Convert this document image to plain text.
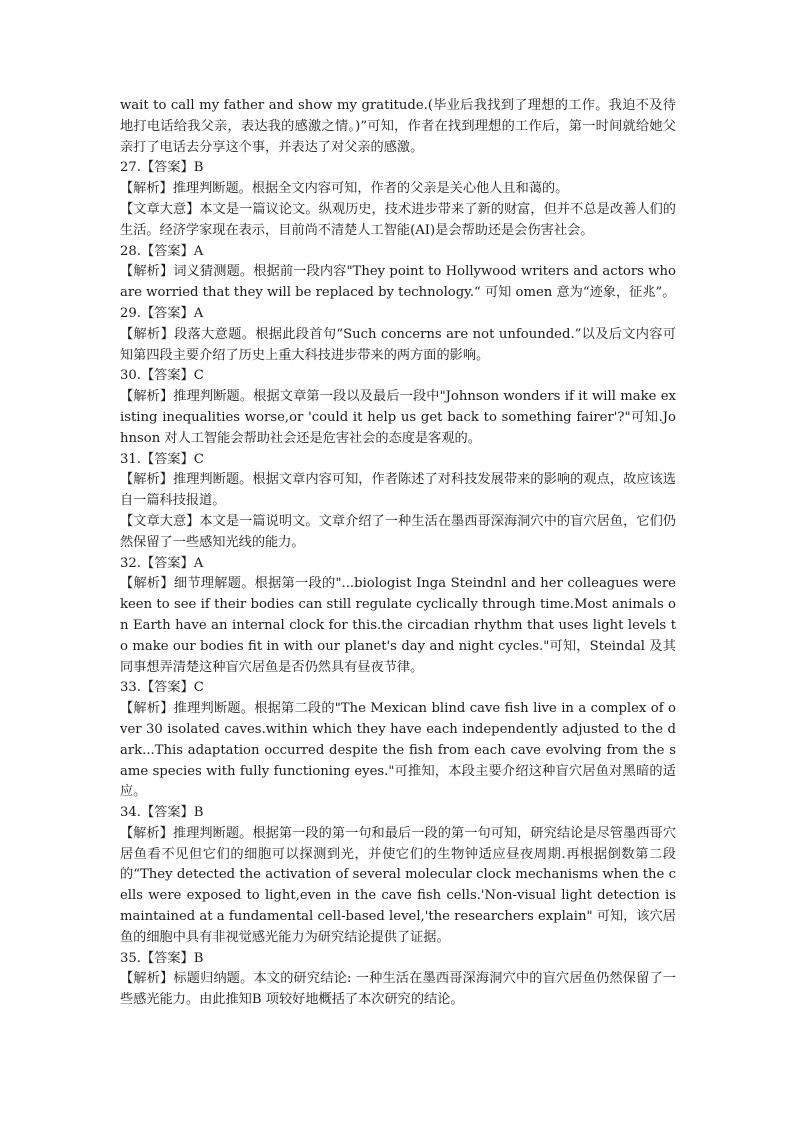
wait to call my father and show my gratitude.(毕业后我找到了理想的工作。我迫不及待地打电话给我父亲，表达我的感激之情。)”可知，作者在找到理想的工作后，第一时间就给她父亲打了电话去分享这个事，并表达了对父亲的感激。

27.【答案】B

【解析】推理判断题。根据全文内容可知，作者的父亲是关心他人且和蔼的。

【文章大意】本文是一篇议论文。纵观历史，技术进步带来了新的财富，但并不总是改善人们的生活。经济学家现在表示，目前尚不清楚人工智能(AI)是会帮助还是会伤害社会。

28.【答案】A

【解析】词义猜测题。根据前一段内容"They point to Hollywood writers and actors who are worried that they will be replaced by technology.“ 可知 omen 意为“迹象，征兆”。

29.【答案】A

【解析】段落大意题。根据此段首句“Such concerns are not unfounded.”以及后文内容可知第四段主要介绍了历史上重大科技进步带来的两方面的影响。

30.【答案】C

【解析】推理判断题。根据文章第一段以及最后一段中"Johnson wonders if it will make existing inequalities worse,or 'could it help us get back to something fairer'?"可知.Johnson 对人工智能会帮助社会还是危害社会的态度是客观的。

31.【答案】C

【解析】推理判断题。根据文章内容可知，作者陈述了对科技发展带来的影响的观点，故应该选自一篇科技报道。

【文章大意】本文是一篇说明文。文章介绍了一种生活在墨西哥深海洞穴中的盲穴居鱼，它们仍然保留了一些感知光线的能力。

32.【答案】A

【解析】细节理解题。根据第一段的"...biologist Inga Steindnl and her colleagues were keen to see if their bodies can still regulate cyclically through time.Most animals on Earth have an internal clock for this.the circadian rhythm that uses light levels to make our bodies fit in with our planet's day and night cycles."可知，Steindal 及其同事想弄清楚这种盲穴居鱼是否仍然具有昼夜节律。

33.【答案】C

【解析】推理判断题。根据第二段的"The Mexican blind cave fish live in a complex of over 30 isolated caves.within which they have each independently adjusted to the dark...This adaptation occurred despite the fish from each cave evolving from the same species with fully functioning eyes."可推知，本段主要介绍这种盲穴居鱼对黑暗的适应。

34.【答案】B

【解析】推理判断题。根据第一段的第一句和最后一段的第一句可知，研究结论是尽管墨西哥穴居鱼看不见但它们的细胞可以探测到光，并使它们的生物钟适应昼夜周期.再根据倒数第二段的“They detected the activation of several molecular clock mechanisms when the cells were exposed to light,even in the cave fish cells.'Non-visual light detection is maintained at a fundamental cell-based level,'the researchers explain" 可知，该穴居鱼的细胞中具有非视觉感光能力为研究结论提供了证据。

35.【答案】B

【解析】标题归纳题。本文的研究结论: 一种生活在墨西哥深海洞穴中的盲穴居鱼仍然保留了一些感光能力。由此推知B 项较好地概括了本次研究的结论。
